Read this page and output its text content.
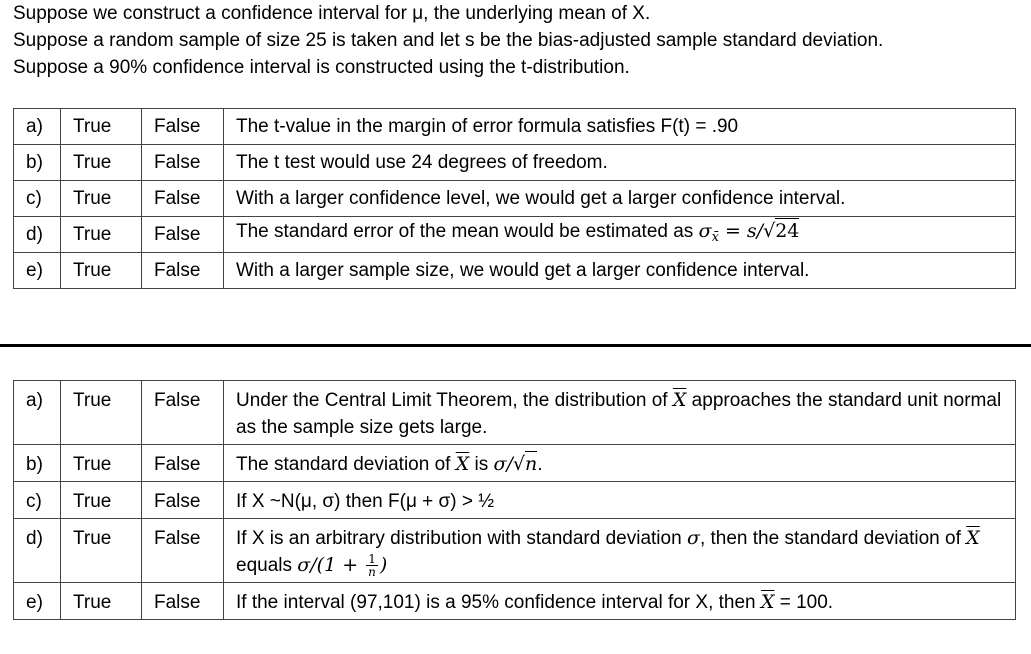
Suppose we construct a confidence interval for μ, the underlying mean of X.

Suppose a random sample of size 25 is taken and let s be the bias-adjusted sample standard deviation.

Suppose a 90% confidence interval is constructed using the t-distribution.

a)	True	False	The t-value in the margin of error formula satisfies F(t) = .90
b)	True	False	The t test would use 24 degrees of freedom.
c)	True	False	With a larger confidence level, we would get a larger confidence interval.
d)	True	False	The standard error of the mean would be estimated as $\sigma_{x̄} = s/√24$
e)	True	False	With a larger sample size, we would get a larger confidence interval.
a)	True	False	Under the Central Limit Theorem, the distribution of $\overline{X}$ approaches the standard unit normal as the sample size gets large.
b)	True	False	The standard deviation of $\overline{X}$ is σ/√n.
c)	True	False	If X ~N(μ, σ) then F(μ + σ) > ½
d)	True	False	If X is an arbitrary distribution with standard deviation σ, then the standard deviation of $\overline{X}$ equals $\sigma/(1 + \frac{1}{n}$ )
e)	True	False	If the interval (97,101) is a 95% confidence interval for X, then $\overline{X} = 100$.
